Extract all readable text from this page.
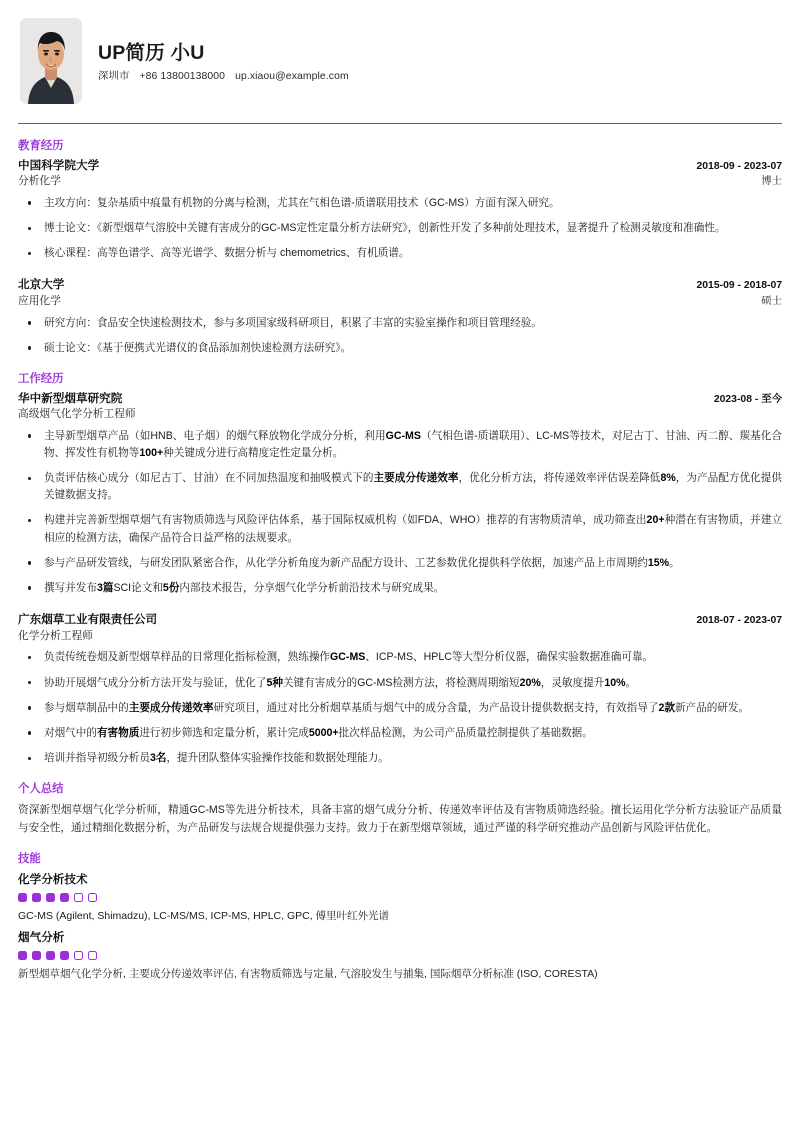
UP简历 小U
深圳市 +86 13800138000 up.xiaou@example.com
教育经历
中国科学院大学	2018-09 - 2023-07
分析化学	博士
主攻方向：复杂基质中痕量有机物的分离与检测，尤其在气相色谱-质谱联用技术（GC-MS）方面有深入研究。
博士论文：《新型烟草气溶胶中关键有害成分的GC-MS定性定量分析方法研究》，创新性开发了多种前处理技术，显著提升了检测灵敏度和准确性。
核心课程：高等色谱学、高等光谱学、数据分析与 chemometrics、有机质谱。
北京大学	2015-09 - 2018-07
应用化学	硕士
研究方向：食品安全快速检测技术，参与多项国家级科研项目，积累了丰富的实验室操作和项目管理经验。
硕士论文：《基于便携式光谱仪的食品添加剂快速检测方法研究》。
工作经历
华中新型烟草研究院	2023-08 - 至今
高级烟气化学分析工程师
主导新型烟草产品（如HNB、电子烟）的烟气释放物化学成分分析，利用GC-MS（气相色谱-质谱联用）、LC-MS等技术，对尼古丁、甘油、丙二醇、羰基化合物、挥发性有机物等100+种关键成分进行高精度定性定量分析。
负责评估核心成分（如尼古丁、甘油）在不同加热温度和抽吸模式下的主要成分传递效率，优化分析方法，将传递效率评估误差降低8%，为产品配方优化提供关键数据支持。
构建并完善新型烟草烟气有害物质筛选与风险评估体系，基于国际权威机构（如FDA、WHO）推荐的有害物质清单，成功筛查出20+种潜在有害物质，并建立相应的检测方法，确保产品符合日益严格的法规要求。
参与产品研发管线，与研发团队紧密合作，从化学分析角度为新产品配方设计、工艺参数优化提供科学依据，加速产品上市周期约15%。
撰写并发布3篇SCI论文和5份内部技术报告，分享烟气化学分析前沿技术与研究成果。
广东烟草工业有限责任公司	2018-07 - 2023-07
化学分析工程师
负责传统卷烟及新型烟草样品的日常理化指标检测，熟练操作GC-MS、ICP-MS、HPLC等大型分析仪器，确保实验数据准确可靠。
协助开展烟气成分分析方法开发与验证，优化了5种关键有害成分的GC-MS检测方法，将检测周期缩短20%，灵敏度提升10%。
参与烟草制品中的主要成分传递效率研究项目，通过对比分析烟草基质与烟气中的成分含量，为产品设计提供数据支持，有效指导了2款新产品的研发。
对烟气中的有害物质进行初步筛选和定量分析，累计完成5000+批次样品检测，为公司产品质量控制提供了基础数据。
培训并指导初级分析员3名，提升团队整体实验操作技能和数据处理能力。
个人总结

资深新型烟草烟气化学分析师，精通GC-MS等先进分析技术，具备丰富的烟气成分分析、传递效率评估及有害物质筛选经验。擅长运用化学分析方法验证产品质量与安全性，通过精细化数据分析，为产品研发与法规合规提供强力支持。致力于在新型烟草领域，通过严谨的科学研究推动产品创新与风险评估优化。

技能
化学分析技术
GC-MS (Agilent, Shimadzu), LC-MS/MS, ICP-MS, HPLC, GPC, 傅里叶红外光谱
烟气分析
新型烟草烟气化学分析, 主要成分传递效率评估, 有害物质筛选与定量, 气溶胶发生与捕集, 国际烟草分析标准 (ISO, CORESTA)
